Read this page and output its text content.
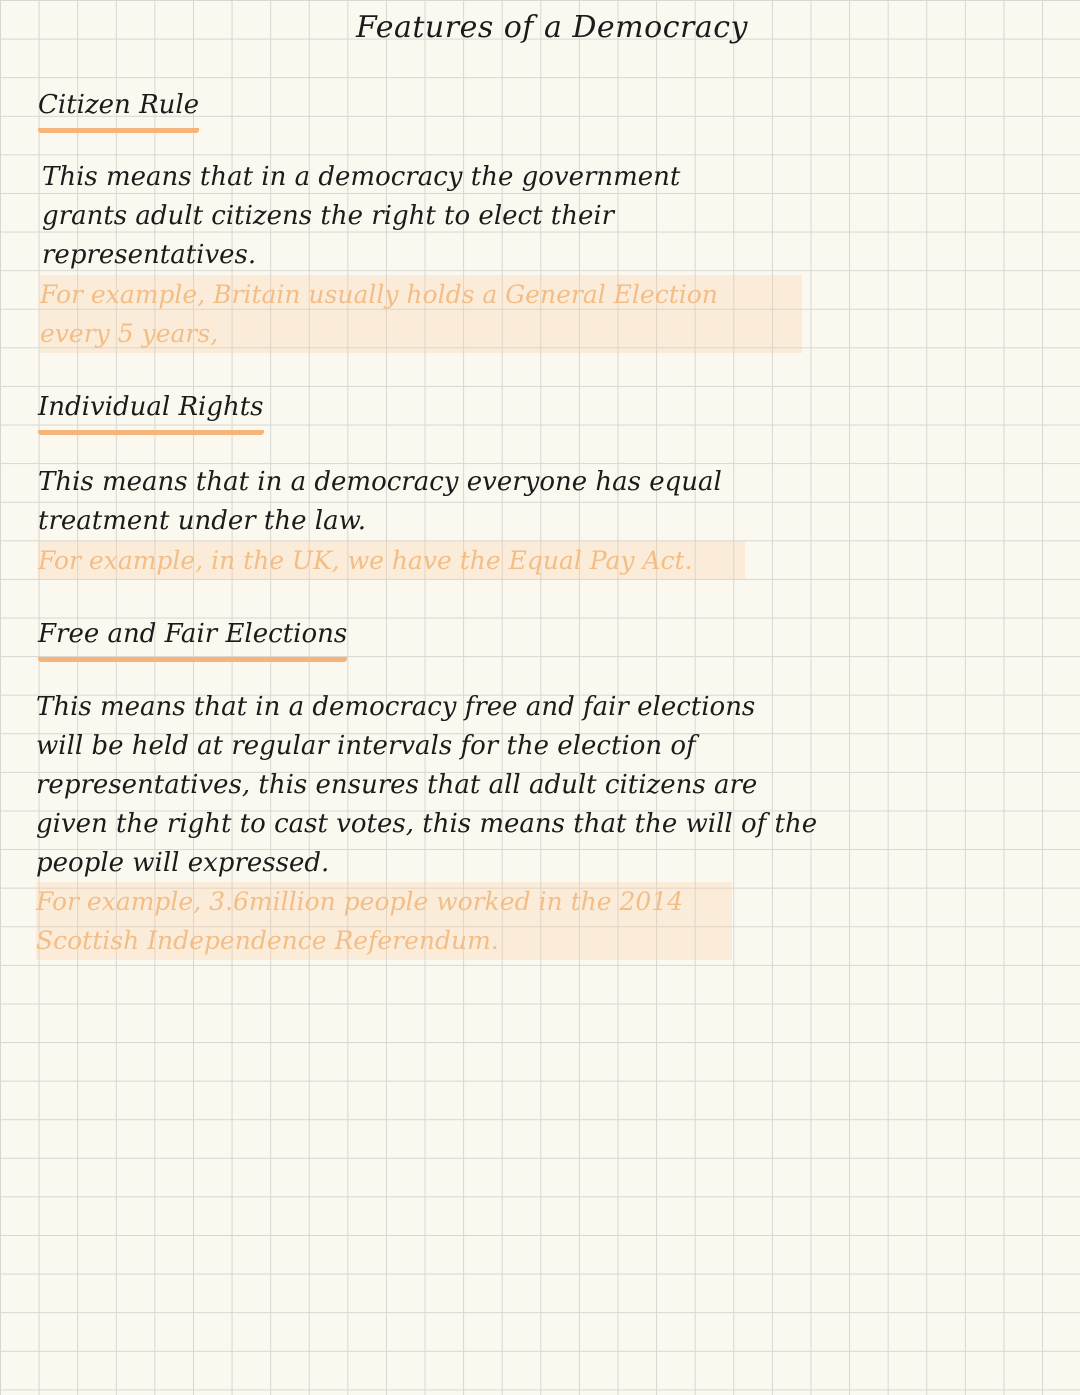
Features of a Democracy
Citizen Rule
This means that in a democracy the government
grants adult citizens the right to elect their
representatives.
For example, Britain usually holds a General Election
every 5 years,
Individual Rights
This means that in a democracy everyone has equal
treatment under the law.
For example, in the UK, we have the Equal Pay Act.
Free and Fair Elections
This means that in a democracy free and fair elections
will be held at regular intervals for the election of
representatives, this ensures that all adult citizens are
given the right to cast votes, this means that the will of the
people will expressed.
For example, 3.6million people worked in the 2014
Scottish Independence Referendum.
